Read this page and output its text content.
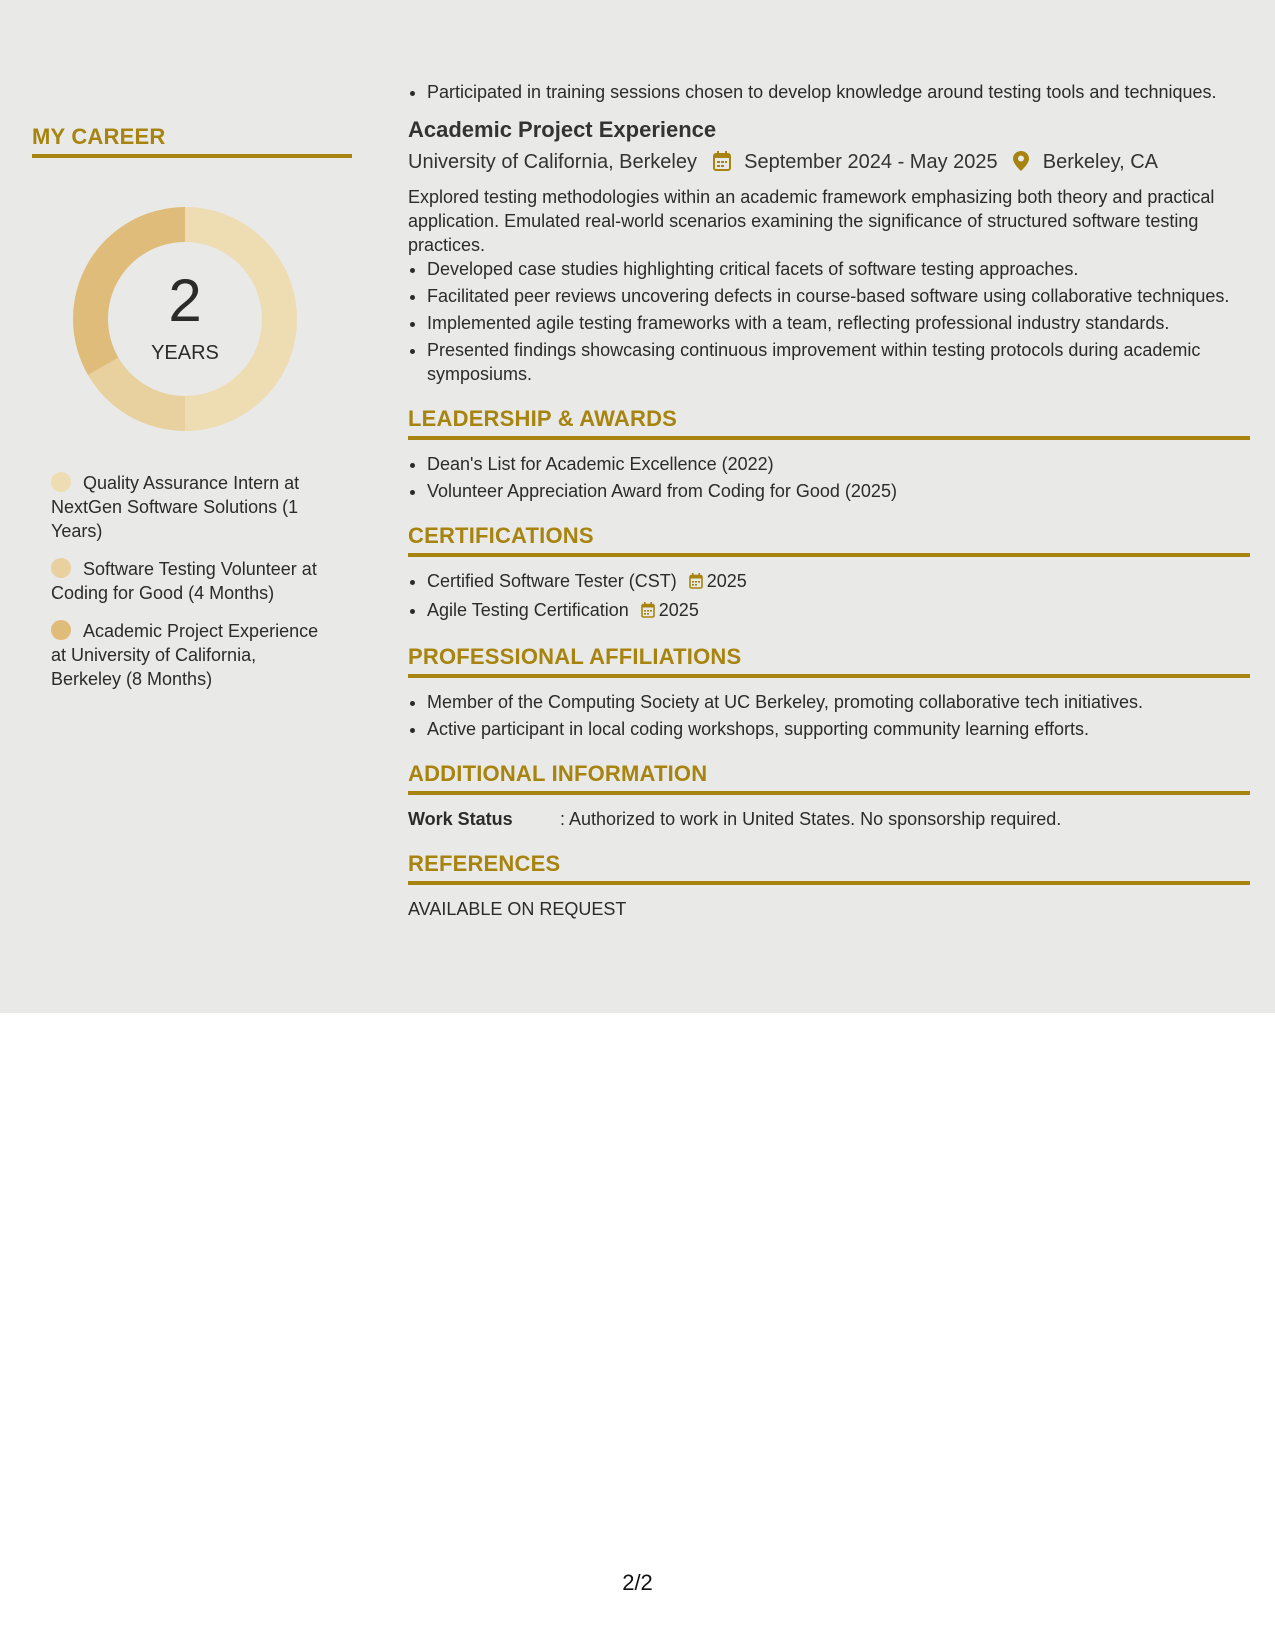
MY CAREER
2
YEARS
Quality Assurance Intern at NextGen Software Solutions (1 Years)
Software Testing Volunteer at Coding for Good (4 Months)
Academic Project Experience at University of California, Berkeley (8 Months)
• Participated in training sessions chosen to develop knowledge around testing tools and techniques.
Academic Project Experience
University of California, Berkeley September 2024 - May 2025 Berkeley, CA
Explored testing methodologies within an academic framework emphasizing both theory and practical application. Emulated real-world scenarios examining the significance of structured software testing practices.
• Developed case studies highlighting critical facets of software testing approaches.
• Facilitated peer reviews uncovering defects in course-based software using collaborative techniques.
• Implemented agile testing frameworks with a team, reflecting professional industry standards.
• Presented findings showcasing continuous improvement within testing protocols during academic symposiums.
LEADERSHIP & AWARDS
• Dean's List for Academic Excellence (2022)
• Volunteer Appreciation Award from Coding for Good (2025)
CERTIFICATIONS
• Certified Software Tester (CST) 2025
• Agile Testing Certification 2025
PROFESSIONAL AFFILIATIONS
• Member of the Computing Society at UC Berkeley, promoting collaborative tech initiatives.
• Active participant in local coding workshops, supporting community learning efforts.
ADDITIONAL INFORMATION
Work Status	: Authorized to work in United States. No sponsorship required.
REFERENCES
AVAILABLE ON REQUEST
2/2
